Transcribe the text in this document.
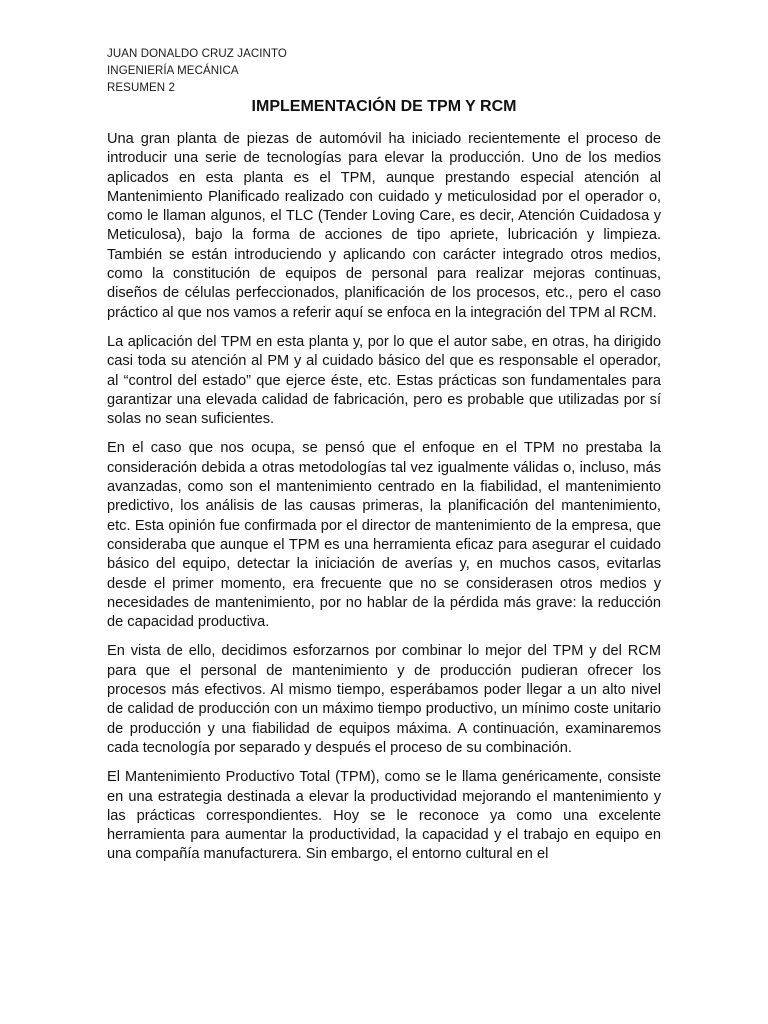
JUAN DONALDO CRUZ JACINTO
INGENIERÍA MECÁNICA
RESUMEN 2
IMPLEMENTACIÓN DE TPM Y RCM

Una gran planta de piezas de automóvil ha iniciado recientemente el proceso de introducir una serie de tecnologías para elevar la producción. Uno de los medios aplicados en esta planta es el TPM, aunque prestando especial atención al Mantenimiento Planificado realizado con cuidado y meticulosidad por el operador o, como le llaman algunos, el TLC (Tender Loving Care, es decir, Atención Cuidadosa y Meticulosa), bajo la forma de acciones de tipo apriete, lubricación y limpieza. También se están introduciendo y aplicando con carácter integrado otros medios, como la constitución de equipos de personal para realizar mejoras continuas, diseños de células perfeccionados, planificación de los procesos, etc., pero el caso práctico al que nos vamos a referir aquí se enfoca en la integración del TPM al RCM.

La aplicación del TPM en esta planta y, por lo que el autor sabe, en otras, ha dirigido casi toda su atención al PM y al cuidado básico del que es responsable el operador, al “control del estado” que ejerce éste, etc. Estas prácticas son fundamentales para garantizar una elevada calidad de fabricación, pero es probable que utilizadas por sí solas no sean suficientes.

En el caso que nos ocupa, se pensó que el enfoque en el TPM no prestaba la consideración debida a otras metodologías tal vez igualmente válidas o, incluso, más avanzadas, como son el mantenimiento centrado en la fiabilidad, el mantenimiento predictivo, los análisis de las causas primeras, la planificación del mantenimiento, etc. Esta opinión fue confirmada por el director de mantenimiento de la empresa, que consideraba que aunque el TPM es una herramienta eficaz para asegurar el cuidado básico del equipo, detectar la iniciación de averías y, en muchos casos, evitarlas desde el primer momento, era frecuente que no se considerasen otros medios y necesidades de mantenimiento, por no hablar de la pérdida más grave: la reducción de capacidad productiva.

En vista de ello, decidimos esforzarnos por combinar lo mejor del TPM y del RCM para que el personal de mantenimiento y de producción pudieran ofrecer los procesos más efectivos. Al mismo tiempo, esperábamos poder llegar a un alto nivel de calidad de producción con un máximo tiempo productivo, un mínimo coste unitario de producción y una fiabilidad de equipos máxima. A continuación, examinaremos cada tecnología por separado y después el proceso de su combinación.

El Mantenimiento Productivo Total (TPM), como se le llama genéricamente, consiste en una estrategia destinada a elevar la productividad mejorando el mantenimiento y las prácticas correspondientes. Hoy se le reconoce ya como una excelente herramienta para aumentar la productividad, la capacidad y el trabajo en equipo en una compañía manufacturera. Sin embargo, el entorno cultural en el
